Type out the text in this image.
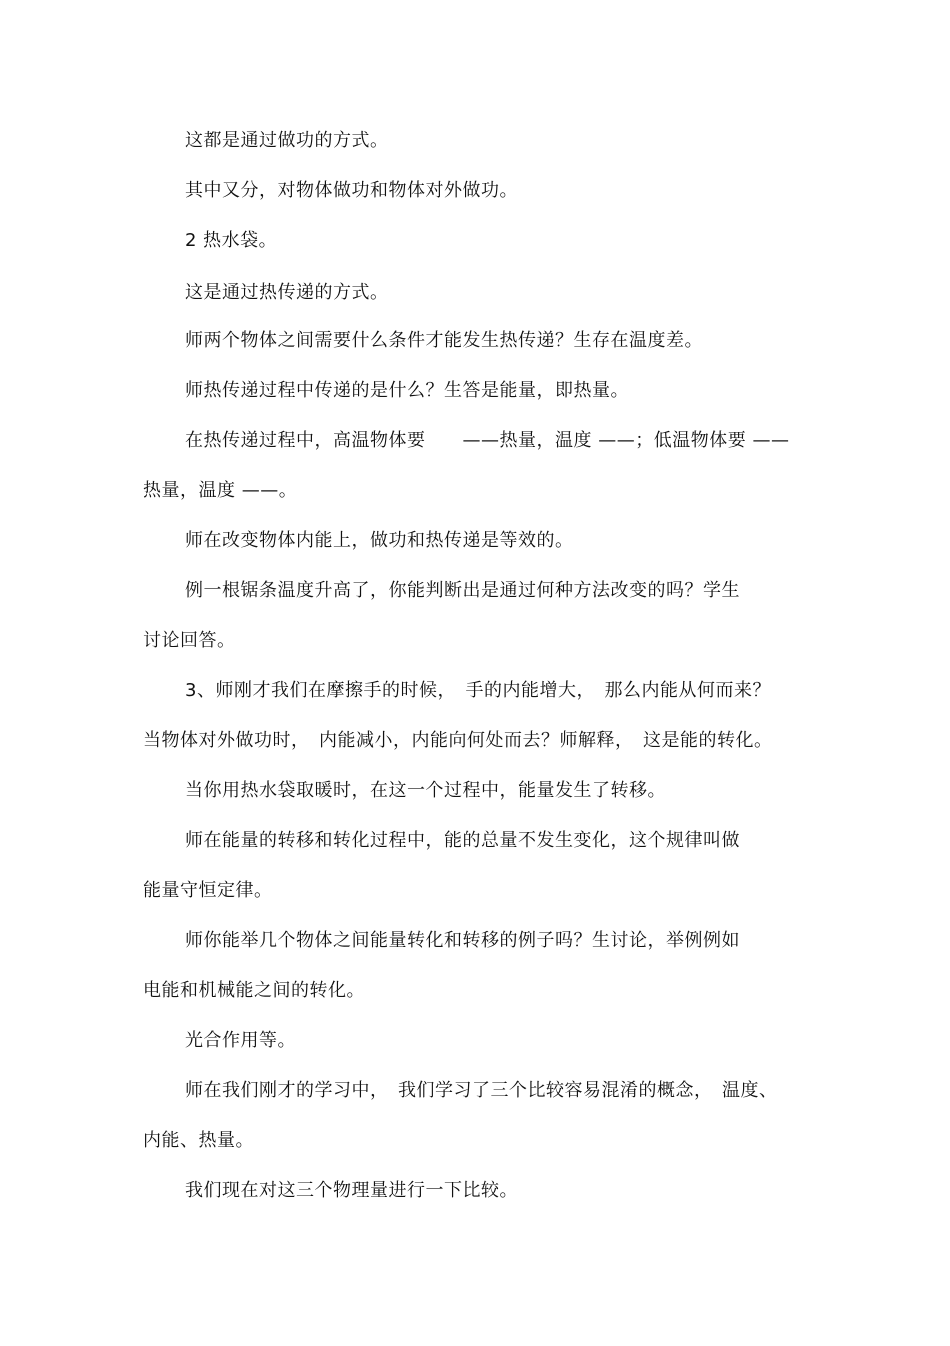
这都是通过做功的方式。
其中又分，对物体做功和物体对外做功。
2 热水袋。
这是通过热传递的方式。
师两个物体之间需要什么条件才能发生热传递？生存在温度差。
师热传递过程中传递的是什么？生答是能量，即热量。
在热传递过程中，高温物体要　　——热量，温度 ——；低温物体要 ——
热量，温度 ——。
师在改变物体内能上，做功和热传递是等效的。
例一根锯条温度升高了，你能判断出是通过何种方法改变的吗？学生
讨论回答。
3、师刚才我们在摩擦手的时候，　手的内能增大，　那么内能从何而来？
当物体对外做功时，　内能减小，内能向何处而去？师解释，　这是能的转化。
当你用热水袋取暖时，在这一个过程中，能量发生了转移。
师在能量的转移和转化过程中，能的总量不发生变化，这个规律叫做
能量守恒定律。
师你能举几个物体之间能量转化和转移的例子吗？生讨论，举例例如
电能和机械能之间的转化。
光合作用等。
师在我们刚才的学习中，　我们学习了三个比较容易混淆的概念，　温度、
内能、热量。
我们现在对这三个物理量进行一下比较。
